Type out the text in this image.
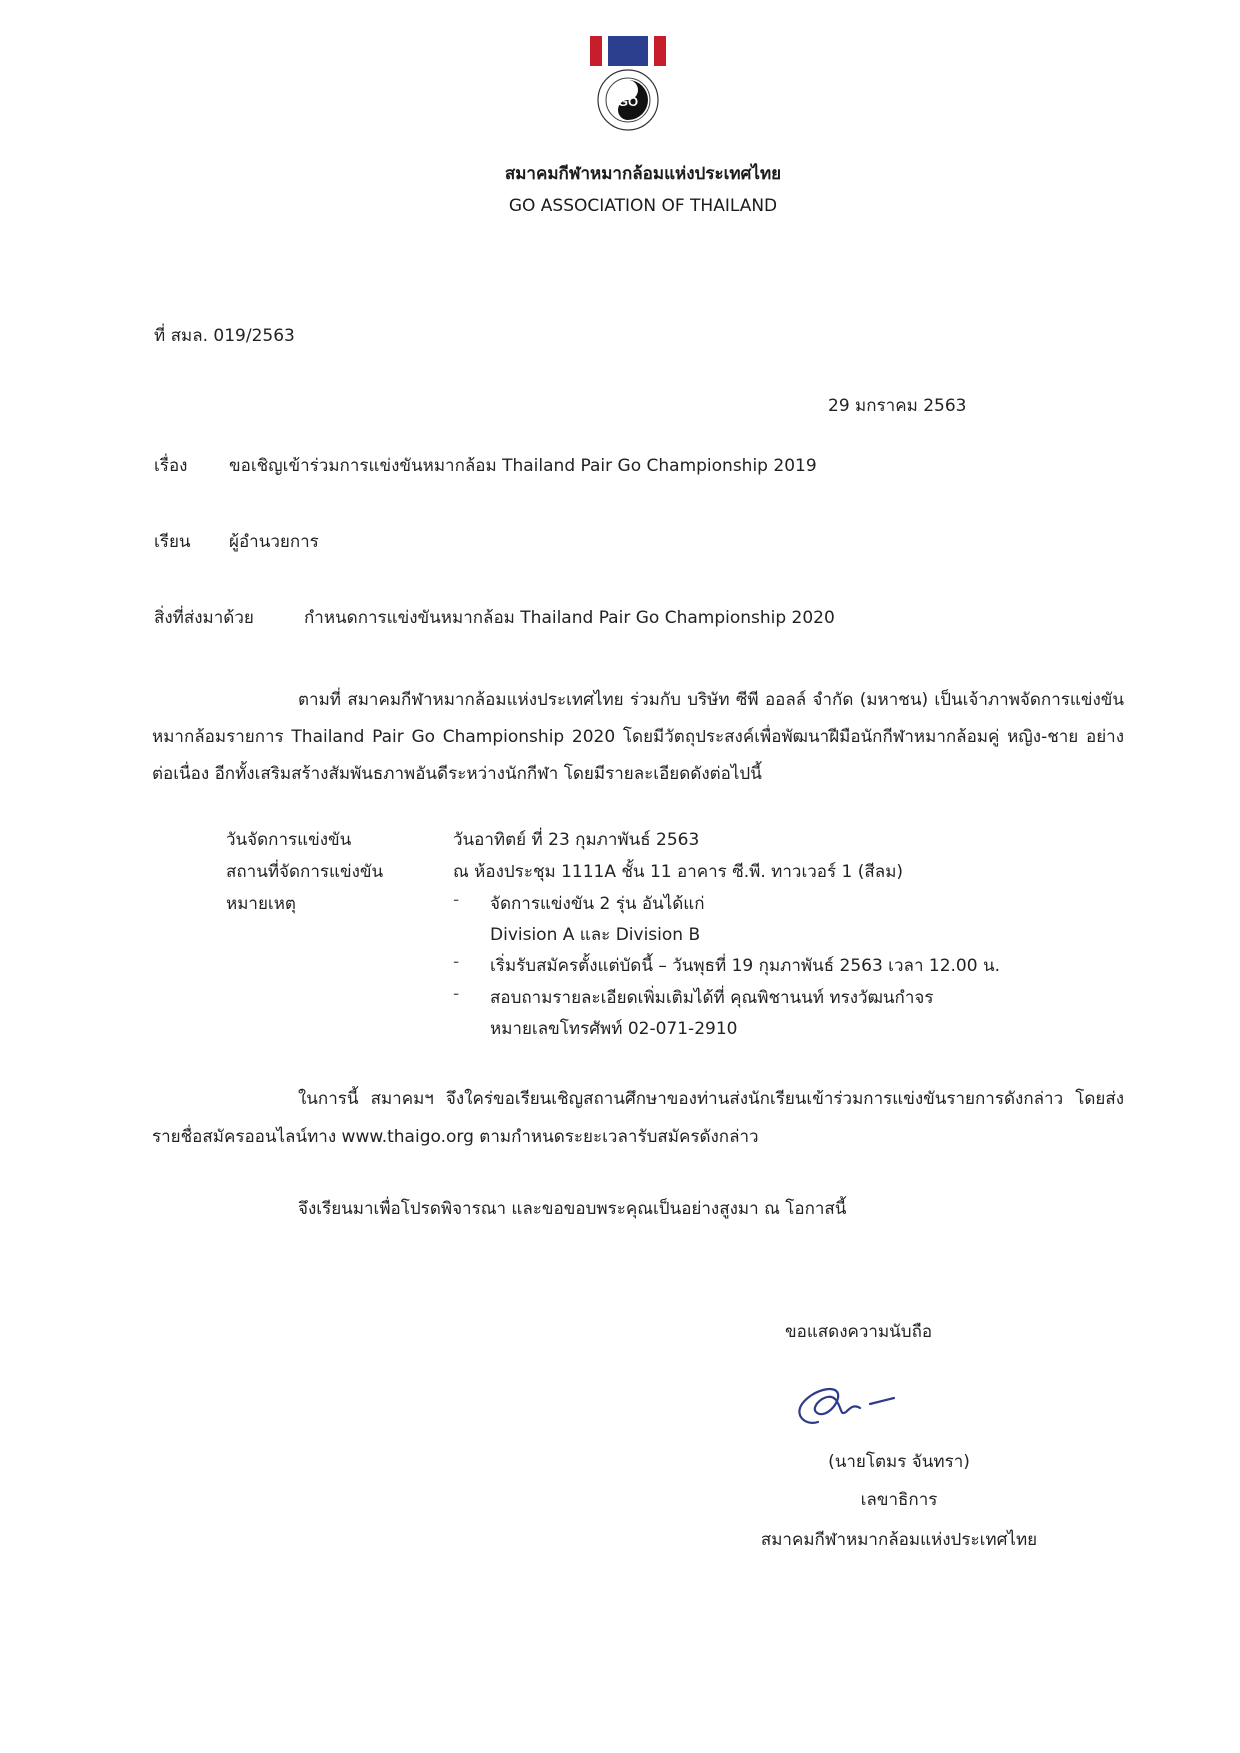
GO
สมาคมกีฬาหมากล้อมแห่งประเทศไทย
GO ASSOCIATION OF THAILAND
ที่ สมล. 019/2563
29 มกราคม 2563
เรื่อง ขอเชิญเข้าร่วมการแข่งขันหมากล้อม Thailand Pair Go Championship 2019
เรียน ผู้อำนวยการ
สิ่งที่ส่งมาด้วย	กำหนดการแข่งขันหมากล้อม Thailand Pair Go Championship 2020
ตามที่ สมาคมกีฬาหมากล้อมแห่งประเทศไทย ร่วมกับ บริษัท ซีพี ออลล์ จำกัด (มหาชน) เป็นเจ้าภาพจัดการแข่งขันหมากล้อมรายการ Thailand Pair Go Championship 2020 โดยมีวัตถุประสงค์เพื่อพัฒนาฝีมือนักกีฬาหมากล้อมคู่ หญิง-ชาย อย่างต่อเนื่อง อีกทั้งเสริมสร้างสัมพันธภาพอันดีระหว่างนักกีฬา โดยมีรายละเอียดดังต่อไปนี้
วันจัดการแข่งขัน	วันอาทิตย์ ที่ 23 กุมภาพันธ์ 2563
สถานที่จัดการแข่งขัน	ณ ห้องประชุม 1111A ชั้น 11 อาคาร ซี.พี. ทาวเวอร์ 1 (สีลม)
หมายเหตุ	- จัดการแข่งขัน 2 รุ่น อันได้แก่
Division A และ Division B
- เริ่มรับสมัครตั้งแต่บัดนี้ – วันพุธที่ 19 กุมภาพันธ์ 2563 เวลา 12.00 น.
- สอบถามรายละเอียดเพิ่มเติมได้ที่ คุณพิชานนท์ ทรงวัฒนกำจร
หมายเลขโทรศัพท์ 02-071-2910
ในการนี้ สมาคมฯ จึงใคร่ขอเรียนเชิญสถานศึกษาของท่านส่งนักเรียนเข้าร่วมการแข่งขันรายการดังกล่าว โดยส่งรายชื่อสมัครออนไลน์ทาง www.thaigo.org ตามกำหนดระยะเวลารับสมัครดังกล่าว
จึงเรียนมาเพื่อโปรดพิจารณา และขอขอบพระคุณเป็นอย่างสูงมา ณ โอกาสนี้
ขอแสดงความนับถือ
(นายโตมร จันทรา)
เลขาธิการ
สมาคมกีฬาหมากล้อมแห่งประเทศไทย
